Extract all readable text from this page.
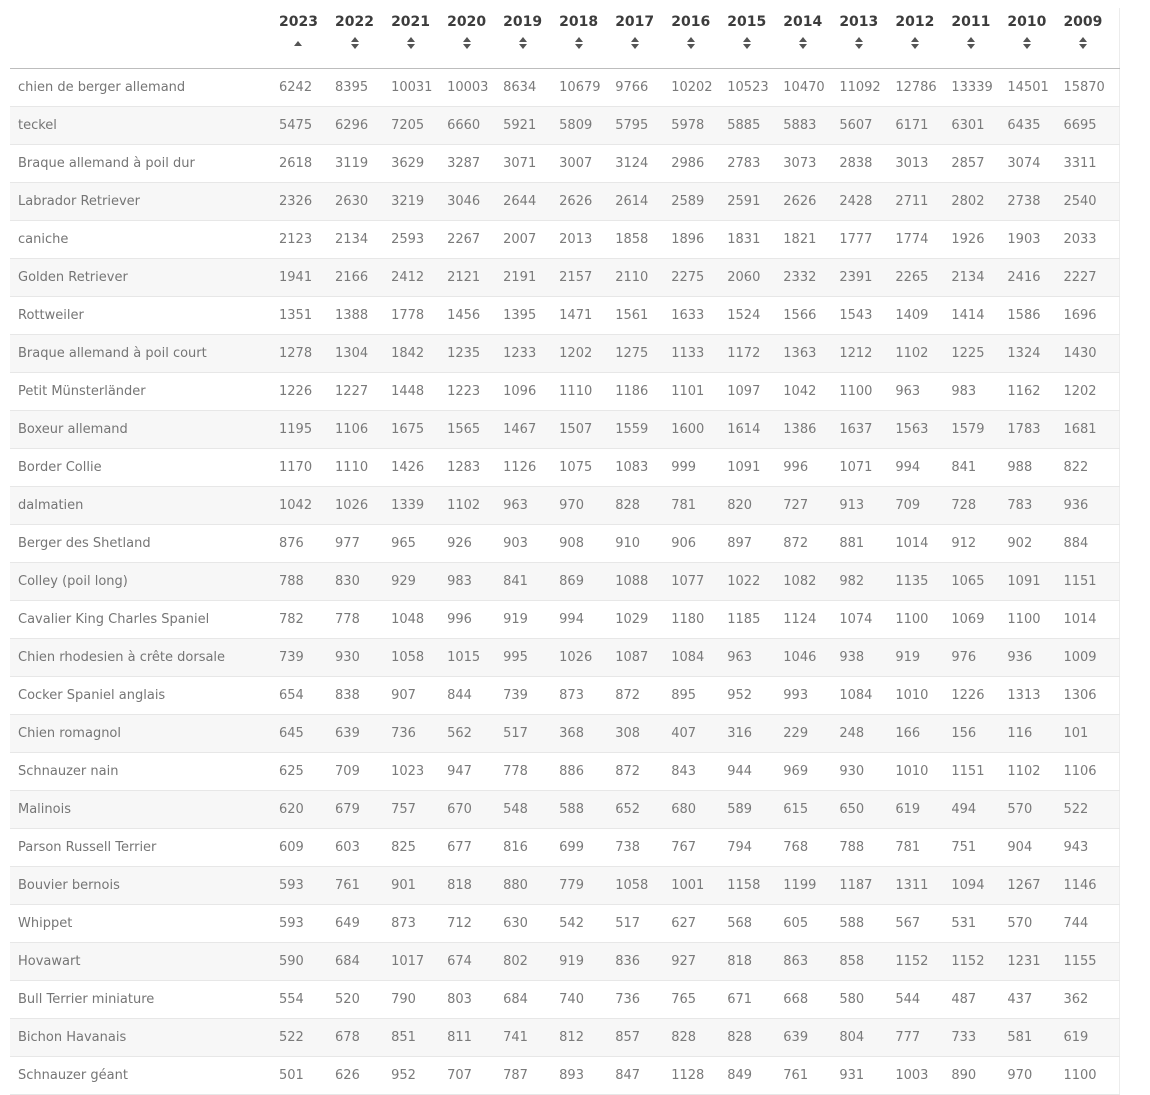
	2023	2022	2021	2020	2019	2018	2017	2016	2015	2014	2013	2012	2011	2010	2009

chien de berger allemand	6242	8395	10031	10003	8634	10679	9766	10202	10523	10470	11092	12786	13339	14501	15870
teckel	5475	6296	7205	6660	5921	5809	5795	5978	5885	5883	5607	6171	6301	6435	6695
Braque allemand à poil dur	2618	3119	3629	3287	3071	3007	3124	2986	2783	3073	2838	3013	2857	3074	3311
Labrador Retriever	2326	2630	3219	3046	2644	2626	2614	2589	2591	2626	2428	2711	2802	2738	2540
caniche	2123	2134	2593	2267	2007	2013	1858	1896	1831	1821	1777	1774	1926	1903	2033
Golden Retriever	1941	2166	2412	2121	2191	2157	2110	2275	2060	2332	2391	2265	2134	2416	2227
Rottweiler	1351	1388	1778	1456	1395	1471	1561	1633	1524	1566	1543	1409	1414	1586	1696
Braque allemand à poil court	1278	1304	1842	1235	1233	1202	1275	1133	1172	1363	1212	1102	1225	1324	1430
Petit Münsterländer	1226	1227	1448	1223	1096	1110	1186	1101	1097	1042	1100	963	983	1162	1202
Boxeur allemand	1195	1106	1675	1565	1467	1507	1559	1600	1614	1386	1637	1563	1579	1783	1681
Border Collie	1170	1110	1426	1283	1126	1075	1083	999	1091	996	1071	994	841	988	822
dalmatien	1042	1026	1339	1102	963	970	828	781	820	727	913	709	728	783	936
Berger des Shetland	876	977	965	926	903	908	910	906	897	872	881	1014	912	902	884
Colley (poil long)	788	830	929	983	841	869	1088	1077	1022	1082	982	1135	1065	1091	1151
Cavalier King Charles Spaniel	782	778	1048	996	919	994	1029	1180	1185	1124	1074	1100	1069	1100	1014
Chien rhodesien à crête dorsale	739	930	1058	1015	995	1026	1087	1084	963	1046	938	919	976	936	1009
Cocker Spaniel anglais	654	838	907	844	739	873	872	895	952	993	1084	1010	1226	1313	1306
Chien romagnol	645	639	736	562	517	368	308	407	316	229	248	166	156	116	101
Schnauzer nain	625	709	1023	947	778	886	872	843	944	969	930	1010	1151	1102	1106
Malinois	620	679	757	670	548	588	652	680	589	615	650	619	494	570	522
Parson Russell Terrier	609	603	825	677	816	699	738	767	794	768	788	781	751	904	943
Bouvier bernois	593	761	901	818	880	779	1058	1001	1158	1199	1187	1311	1094	1267	1146
Whippet	593	649	873	712	630	542	517	627	568	605	588	567	531	570	744
Hovawart	590	684	1017	674	802	919	836	927	818	863	858	1152	1152	1231	1155
Bull Terrier miniature	554	520	790	803	684	740	736	765	671	668	580	544	487	437	362
Bichon Havanais	522	678	851	811	741	812	857	828	828	639	804	777	733	581	619
Schnauzer géant	501	626	952	707	787	893	847	1128	849	761	931	1003	890	970	1100
